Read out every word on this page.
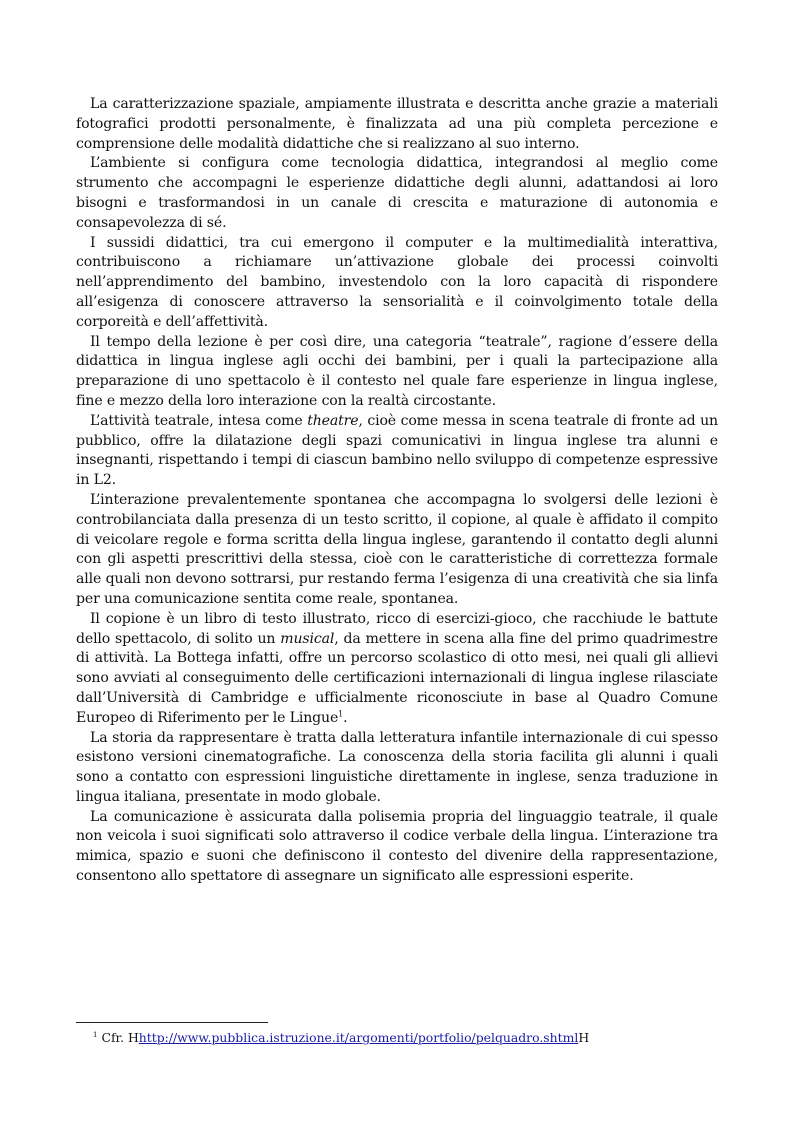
La caratterizzazione spaziale, ampiamente illustrata e descritta anche grazie a materiali fotografici prodotti personalmente, è finalizzata ad una più completa percezione e comprensione delle modalità didattiche che si realizzano al suo interno.

L’ambiente si configura come tecnologia didattica, integrandosi al meglio come strumento che accompagni le esperienze didattiche degli alunni, adattandosi ai loro bisogni e trasformandosi in un canale di crescita e maturazione di autonomia e consapevolezza di sé.

I sussidi didattici, tra cui emergono il computer e la multimedialità interattiva, contribuiscono a richiamare un’attivazione globale dei processi coinvolti nell’apprendimento del bambino, investendolo con la loro capacità di rispondere all’esigenza di conoscere attraverso la sensorialità e il coinvolgimento totale della corporeità e dell’affettività.

Il tempo della lezione è per così dire, una categoria “teatrale”, ragione d’essere della didattica in lingua inglese agli occhi dei bambini, per i quali la partecipazione alla preparazione di uno spettacolo è il contesto nel quale fare esperienze in lingua inglese, fine e mezzo della loro interazione con la realtà circostante.

L’attività teatrale, intesa come theatre, cioè come messa in scena teatrale di fronte ad un pubblico, offre la dilatazione degli spazi comunicativi in lingua inglese tra alunni e insegnanti, rispettando i tempi di ciascun bambino nello sviluppo di competenze espressive in L2.

L’interazione prevalentemente spontanea che accompagna lo svolgersi delle lezioni è controbilanciata dalla presenza di un testo scritto, il copione, al quale è affidato il compito di veicolare regole e forma scritta della lingua inglese, garantendo il contatto degli alunni con gli aspetti prescrittivi della stessa, cioè con le caratteristiche di correttezza formale alle quali non devono sottrarsi, pur restando ferma l’esigenza di una creatività che sia linfa per una comunicazione sentita come reale, spontanea.

Il copione è un libro di testo illustrato, ricco di esercizi-gioco, che racchiude le battute dello spettacolo, di solito un musical, da mettere in scena alla fine del primo quadrimestre di attività. La Bottega infatti, offre un percorso scolastico di otto mesi, nei quali gli allievi sono avviati al conseguimento delle certificazioni internazionali di lingua inglese rilasciate dall’Università di Cambridge e ufficialmente riconosciute in base al Quadro Comune Europeo di Riferimento per le Lingue$^1$.

La storia da rappresentare è tratta dalla letteratura infantile internazionale di cui spesso esistono versioni cinematografiche. La conoscenza della storia facilita gli alunni i quali sono a contatto con espressioni linguistiche direttamente in inglese, senza traduzione in lingua italiana, presentate in modo globale.

La comunicazione è assicurata dalla polisemia propria del linguaggio teatrale, il quale non veicola i suoi significati solo attraverso il codice verbale della lingua. L’interazione tra mimica, spazio e suoni che definiscono il contesto del divenire della rappresentazione, consentono allo spettatore di assegnare un significato alle espressioni esperite.

$^1$ Cfr. Hhttp://www.pubblica.istruzione.it/argomenti/portfolio/pelquadro.shtmlH
